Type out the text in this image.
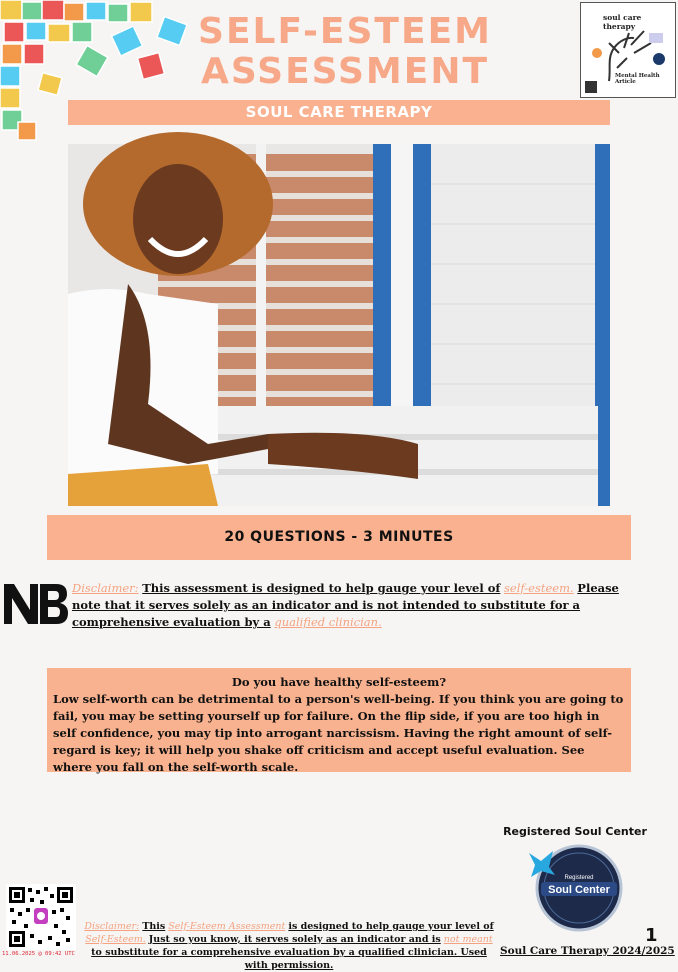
SELF-ESTEEM
ASSESSMENT
soul care therapy
Mental Health Article
SOUL CARE THERAPY
20 QUESTIONS - 3 MINUTES
Disclaimer: This assessment is designed to help gauge your level of self-esteem. Please note that it serves solely as an indicator and is not intended to substitute for a comprehensive evaluation by a qualified clinician.
Do you have healthy self-esteem?
Low self-worth can be detrimental to a person's well-being. If you think you are going to fail, you may be setting yourself up for failure. On the flip side, if you are too high in self confidence, you may tip into arrogant narcissism. Having the right amount of self-regard is key; it will help you shake off criticism and accept useful evaluation. See where you fall on the self-worth scale.
Registered Soul Center
Registered
Soul Center
11.06.2025 @ 09:42 UTC
Disclaimer: This Self-Esteem Assessment is designed to help gauge your level of Self-Esteem. Just so you know, it serves solely as an indicator and is not meant to substitute for a comprehensive evaluation by a qualified clinician. Used with permission.
1
Soul Care Therapy 2024/2025
